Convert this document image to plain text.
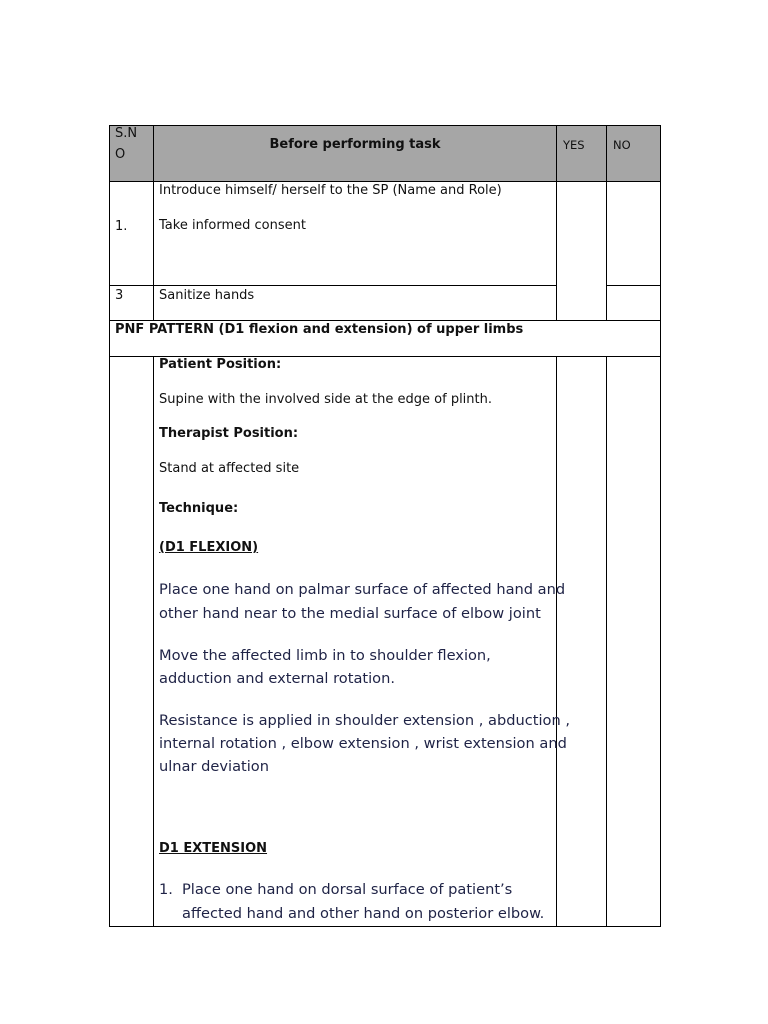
S.N
O
Before performing task	YES NO
1.
Introduce himself/ herself to the SP (Name and Role)
Take informed consent
3	Sanitize hands
PNF PATTERN (D1 flexion and extension) of upper limbs
Patient Position:
Supine with the involved side at the edge of plinth.
Therapist Position:
Stand at affected site
Technique:
(D1 FLEXION)
Place one hand on palmar surface of affected hand and
other hand near to the medial surface of elbow joint
Move the affected limb in to shoulder flexion,
adduction and external rotation.
Resistance is applied in shoulder extension , abduction ,
internal rotation , elbow extension , wrist extension and
ulnar deviation
D1 EXTENSION
1. Place one hand on dorsal surface of patient’s
affected hand and other hand on posterior elbow.
